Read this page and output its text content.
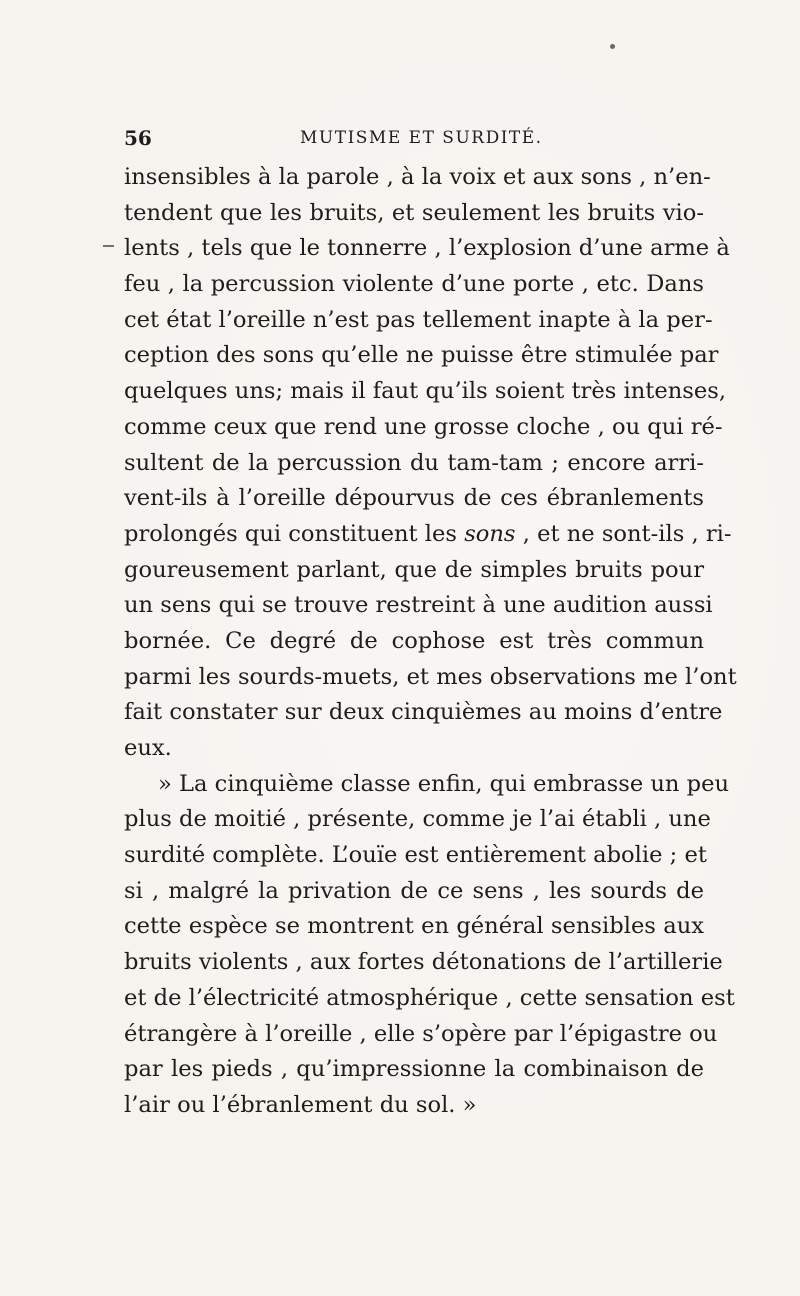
56	MUTISME ET SURDITÉ.
insensibles à la parole , à la voix et aux sons , n’en-
tendent que les bruits, et seulement les bruits vio-
lents , tels que le tonnerre , l’explosion d’une arme à
feu , la percussion violente d’une porte , etc. Dans
cet état l’oreille n’est pas tellement inapte à la per-
ception des sons qu’elle ne puisse être stimulée par
quelques uns; mais il faut qu’ils soient très intenses,
comme ceux que rend une grosse cloche , ou qui ré-
sultent de la percussion du tam-tam ; encore arri-
vent-ils à l’oreille dépourvus de ces ébranlements
prolongés qui constituent les sons , et ne sont-ils , ri-
goureusement parlant, que de simples bruits pour
un sens qui se trouve restreint à une audition aussi
bornée. Ce degré de cophose est très commun
parmi les sourds-muets, et mes observations me l’ont
fait constater sur deux cinquièmes au moins d’entre
eux.
» La cinquième classe enfin, qui embrasse un peu
plus de moitié , présente, comme je l’ai établi , une
surdité complète. L’ouïe est entièrement abolie ; et
si , malgré la privation de ce sens , les sourds de
cette espèce se montrent en général sensibles aux
bruits violents , aux fortes détonations de l’artillerie
et de l’électricité atmosphérique , cette sensation est
étrangère à l’oreille , elle s’opère par l’épigastre ou
par les pieds , qu’impressionne la combinaison de
l’air ou l’ébranlement du sol. »
